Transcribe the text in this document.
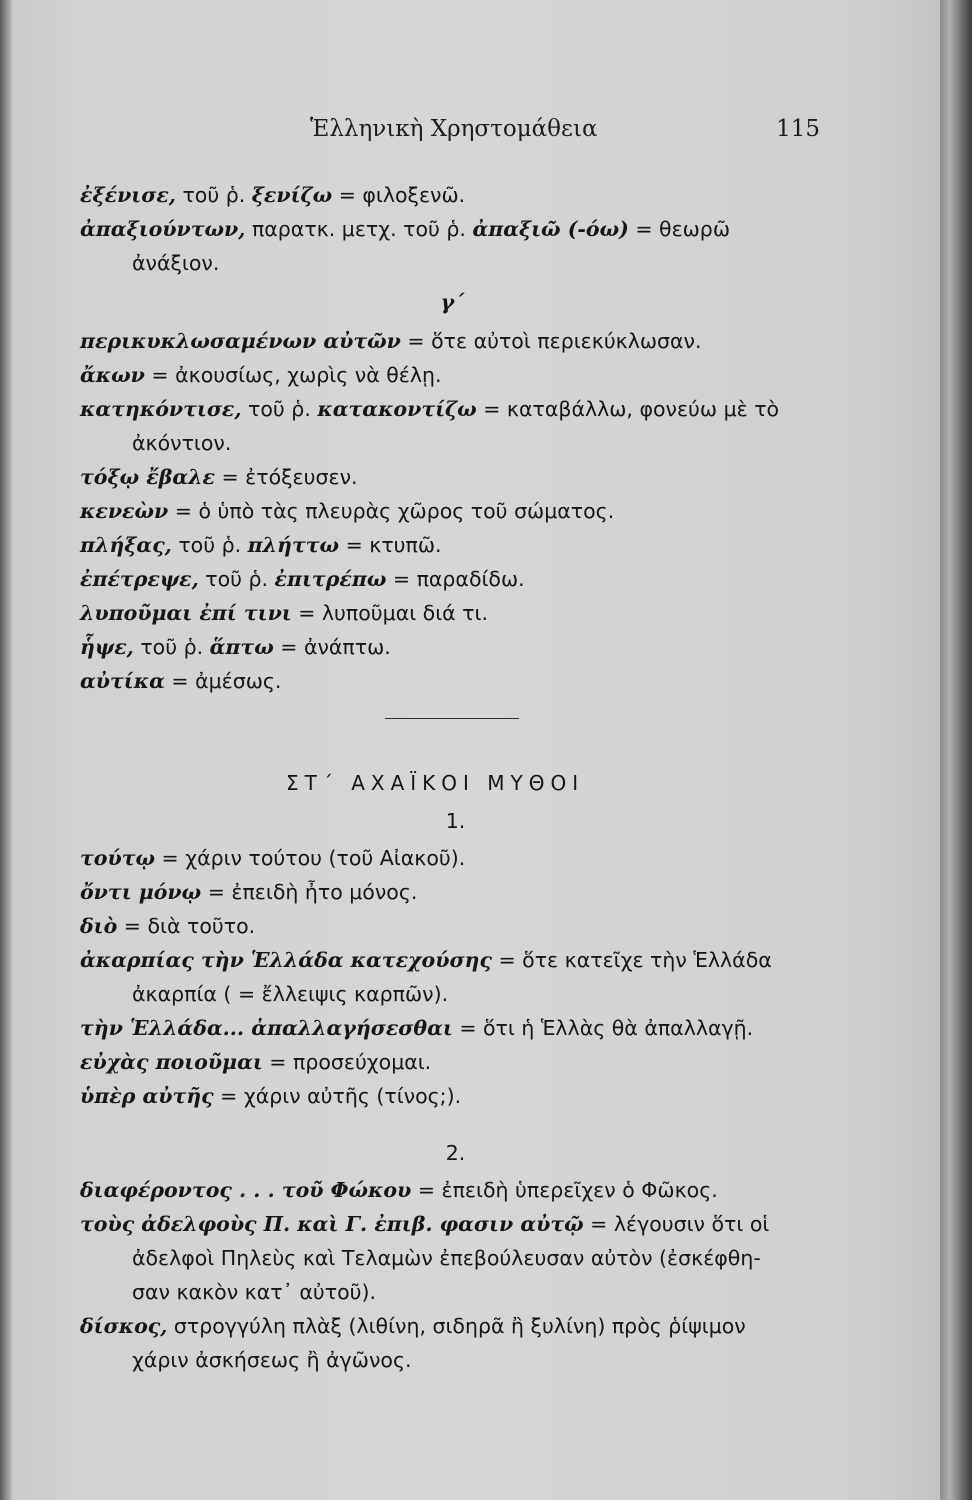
Ἑλληνικὴ Χρηστομάθεια	115
ἐξένισε, τοῦ ῥ. ξενίζω = φιλοξενῶ.
ἀπαξιούντων, παρατκ. μετχ. τοῦ ῥ. ἀπαξιῶ (-όω) = θεωρῶ
ἀνάξιον.
γ΄
περικυκλωσαμένων αὐτῶν = ὅτε αὐτοὶ περιεκύκλωσαν.
ἄκων = ἀκουσίως, χωρὶς νὰ θέλῃ.
κατηκόντισε, τοῦ ῥ. κατακοντίζω = καταβάλλω, φονεύω μὲ τὸ
ἀκόντιον.
τόξῳ ἔβαλε = ἐτόξευσεν.
κενεὼν = ὁ ὑπὸ τὰς πλευρὰς χῶρος τοῦ σώματος.
πλήξας, τοῦ ῥ. πλήττω = κτυπῶ.
ἐπέτρεψε, τοῦ ῥ. ἐπιτρέπω = παραδίδω.
λυποῦμαι ἐπί τινι = λυποῦμαι διά τι.
ἧψε, τοῦ ῥ. ἅπτω = ἀνάπτω.
αὐτίκα = ἀμέσως.
ΣΤ΄ ΑΧΑΪΚΟΙ ΜΥΘΟΙ
1.
τούτῳ = χάριν τούτου (τοῦ Αἰακοῦ).
ὄντι μόνῳ = ἐπειδὴ ἦτο μόνος.
διὸ = διὰ τοῦτο.
ἀκαρπίας τὴν Ἑλλάδα κατεχούσης = ὅτε κατεῖχε τὴν Ἑλλάδα
ἀκαρπία ( = ἔλλειψις καρπῶν).
τὴν Ἑλλάδα... ἀπαλλαγήσεσθαι = ὅτι ἡ Ἑλλὰς θὰ ἀπαλλαγῇ.
εὐχὰς ποιοῦμαι = προσεύχομαι.
ὑπὲρ αὐτῆς = χάριν αὐτῆς (τίνος;).
2.
διαφέροντος . . . τοῦ Φώκου = ἐπειδὴ ὑπερεῖχεν ὁ Φῶκος.
τοὺς ἀδελφοὺς Π. καὶ Γ. ἐπιβ. φασιν αὐτῷ = λέγουσιν ὅτι οἱ
ἀδελφοὶ Πηλεὺς καὶ Τελαμὼν ἐπεβούλευσαν αὐτὸν (ἐσκέφθη-
σαν κακὸν κατ᾽ αὐτοῦ).
δίσκος, στρογγύλη πλὰξ (λιθίνη, σιδηρᾶ ἢ ξυλίνη) πρὸς ῥίψιμον
χάριν ἀσκήσεως ἢ ἀγῶνος.
